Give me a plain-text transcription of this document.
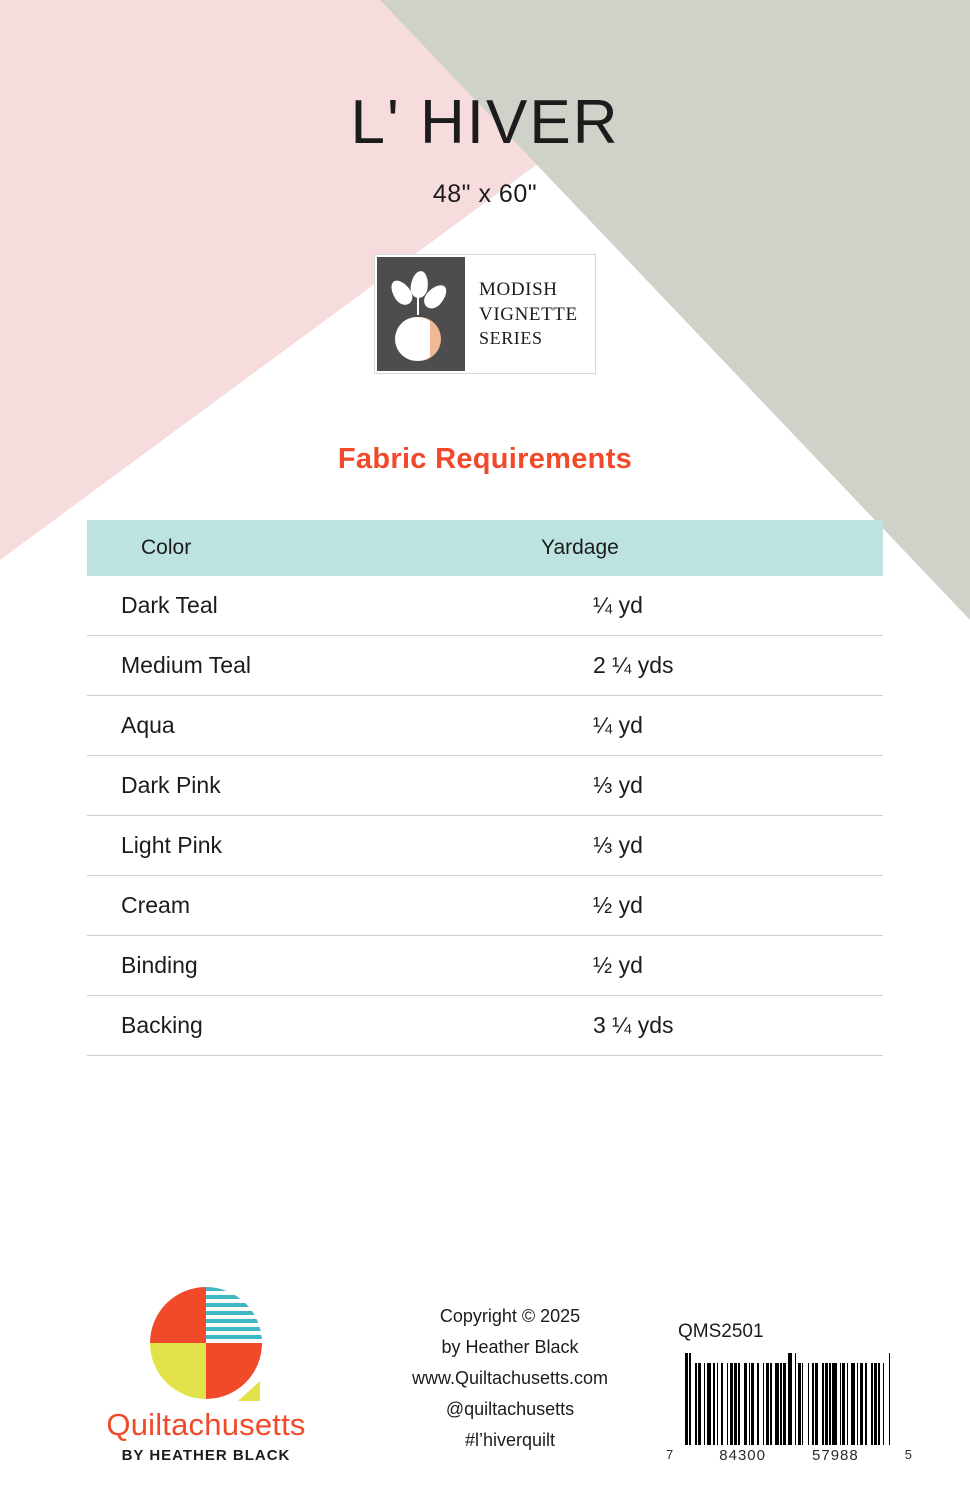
L' HIVER
48" x 60"
MODISH
VIGNETTE
SERIES
Fabric Requirements
Color	Yardage
Dark Teal	¼ yd
Medium Teal	2 ¼ yds
Aqua	¼ yd
Dark Pink	⅓ yd
Light Pink	⅓ yd
Cream	½ yd
Binding	½ yd
Backing	3 ¼ yds
Quiltachusetts
BY HEATHER BLACK
Copyright © 2025
by Heather Black
www.Quiltachusetts.com
@quiltachusetts
#l’hiverquilt
QMS2501
7	84300	57988	5
